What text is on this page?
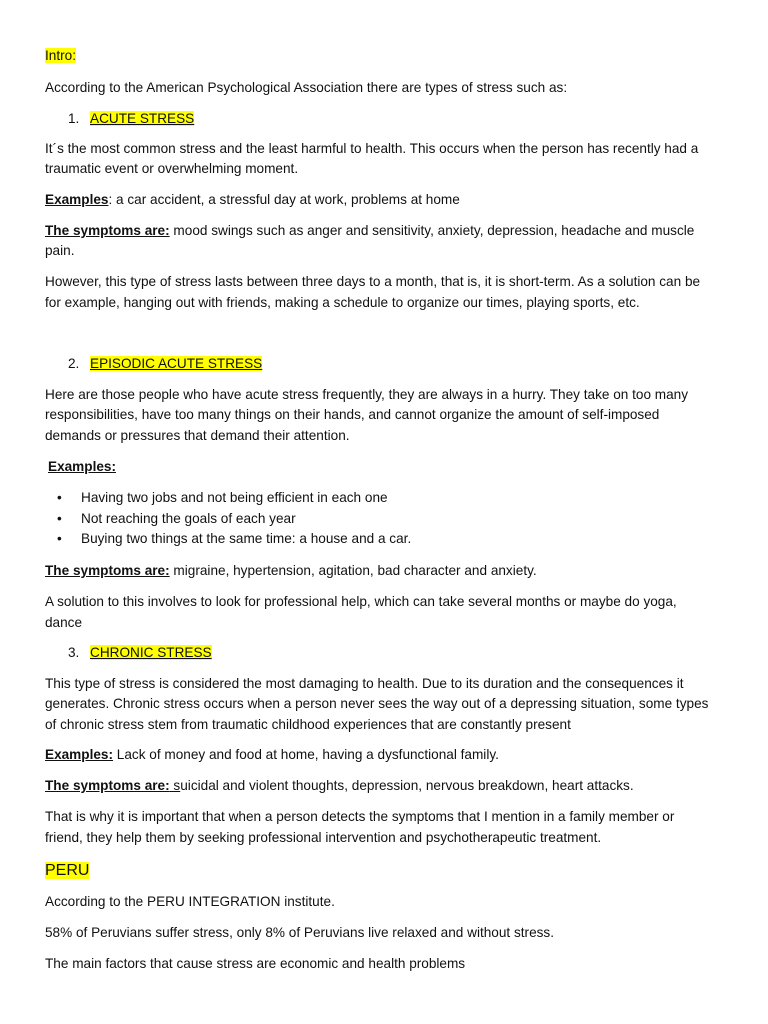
Intro:
According to the American Psychological Association there are types of stress such as:
1. ACUTE STRESS
It´s the most common stress and the least harmful to health. This occurs when the person has recently had a
traumatic event or overwhelming moment.
Examples: a car accident, a stressful day at work, problems at home
The symptoms are: mood swings such as anger and sensitivity, anxiety, depression, headache and muscle
pain.
However, this type of stress lasts between three days to a month, that is, it is short-term. As a solution can be
for example, hanging out with friends, making a schedule to organize our times, playing sports, etc.
2. EPISODIC ACUTE STRESS
Here are those people who have acute stress frequently, they are always in a hurry. They take on too many
responsibilities, have too many things on their hands, and cannot organize the amount of self-imposed
demands or pressures that demand their attention.
Examples:
• Having two jobs and not being efficient in each one
• Not reaching the goals of each year
• Buying two things at the same time: a house and a car.
The symptoms are: migraine, hypertension, agitation, bad character and anxiety.
A solution to this involves to look for professional help, which can take several months or maybe do yoga,
dance
3. CHRONIC STRESS
This type of stress is considered the most damaging to health. Due to its duration and the consequences it
generates. Chronic stress occurs when a person never sees the way out of a depressing situation, some types
of chronic stress stem from traumatic childhood experiences that are constantly present
Examples: Lack of money and food at home, having a dysfunctional family.
The symptoms are: suicidal and violent thoughts, depression, nervous breakdown, heart attacks.
That is why it is important that when a person detects the symptoms that I mention in a family member or
friend, they help them by seeking professional intervention and psychotherapeutic treatment.
PERU
According to the PERU INTEGRATION institute.
58% of Peruvians suffer stress, only 8% of Peruvians live relaxed and without stress.
The main factors that cause stress are economic and health problems
